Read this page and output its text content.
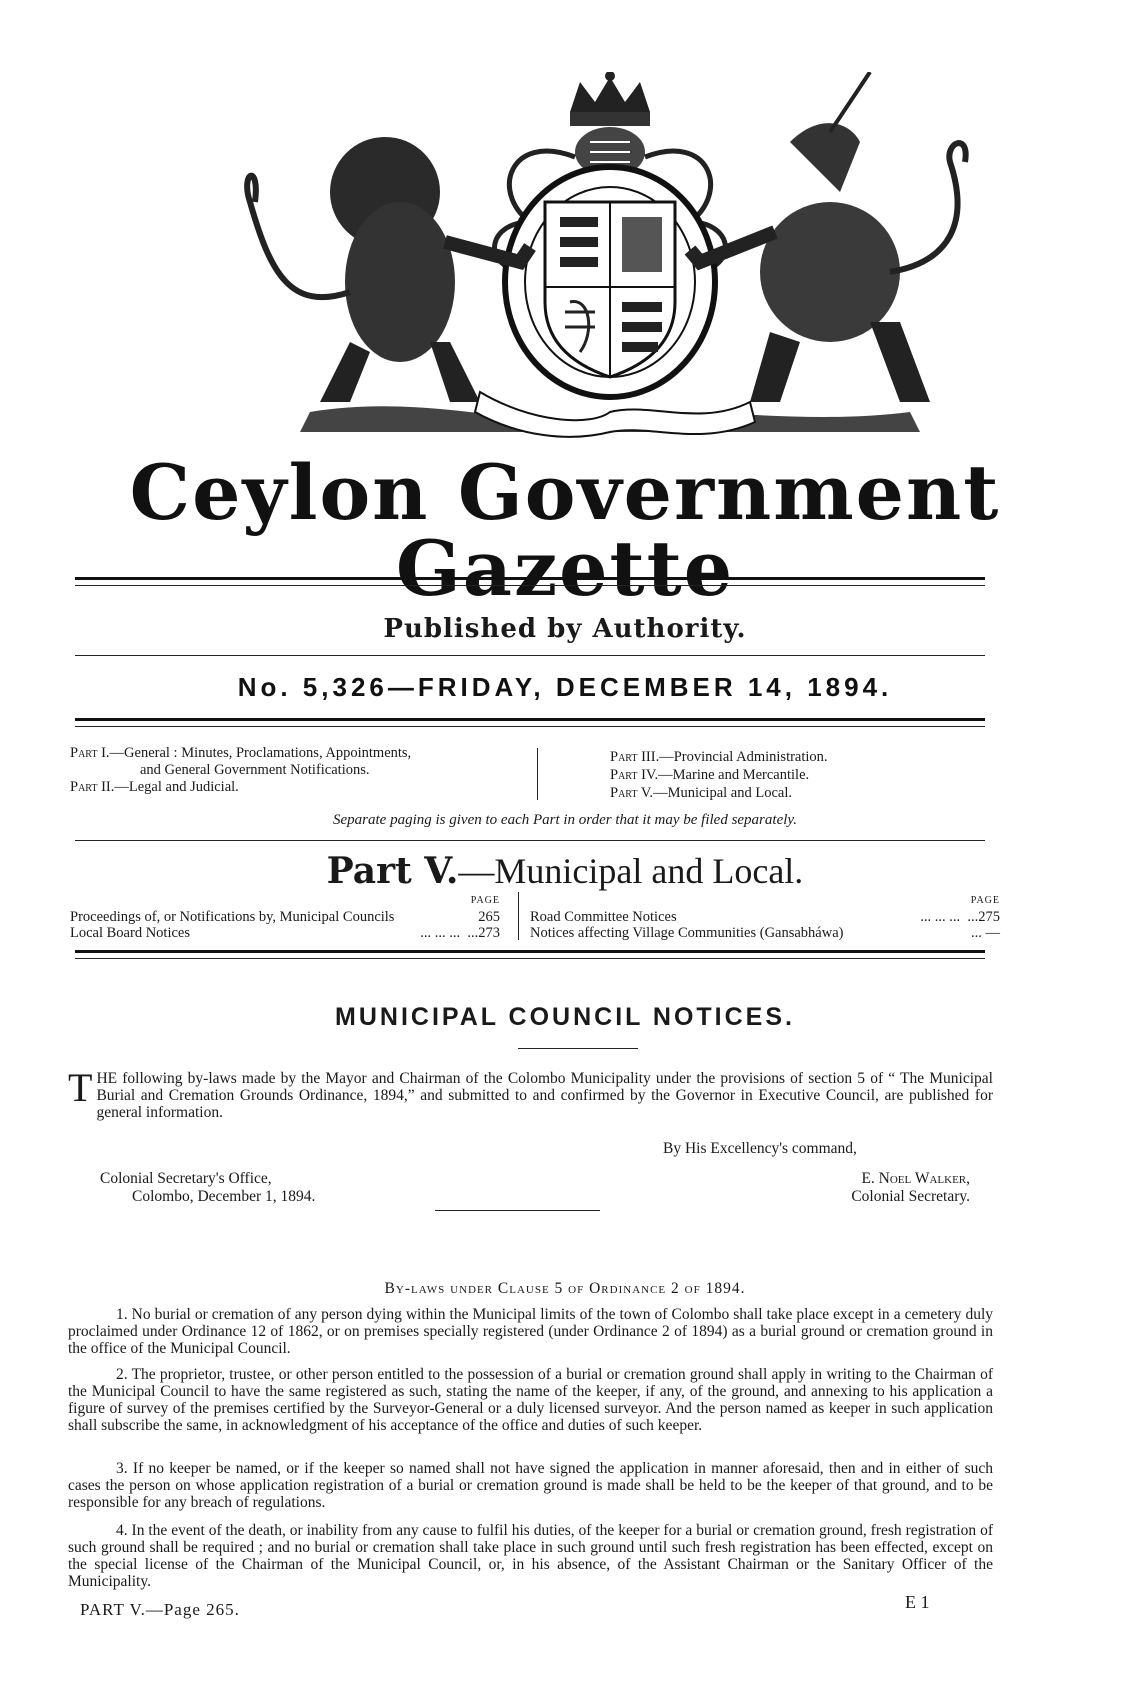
Ceylon Government Gazette
Published by Authority.
No. 5,326—FRIDAY, DECEMBER 14, 1894.
Part I.—General : Minutes, Proclamations, Appointments,
and General Government Notifications.
Part II.—Legal and Judicial.
Part III.—Provincial Administration.
Part IV.—Marine and Mercantile.
Part V.—Municipal and Local.
Separate paging is given to each Part in order that it may be filed separately.
Part V.—Municipal and Local.
PAGE
Proceedings of, or Notifications by, Municipal Councils	265
Local Board Notices	... ... ...  ...273
PAGE
Road Committee Notices	... ... ...  ...275
Notices affecting Village Communities (Gansabháwa)	... —
MUNICIPAL COUNCIL NOTICES.
THE following by-laws made by the Mayor and Chairman of the Colombo Municipality under the provisions of section 5 of “ The Municipal Burial and Cremation Grounds Ordinance, 1894,” and submitted to and confirmed by the Governor in Executive Council, are published for general information.
By His Excellency's command,
Colonial Secretary's Office,
Colombo, December 1, 1894.
E. Noel Walker,
Colonial Secretary.
By-laws under Clause 5 of Ordinance 2 of 1894.
1. No burial or cremation of any person dying within the Municipal limits of the town of Colombo shall take place except in a cemetery duly proclaimed under Ordinance 12 of 1862, or on premises specially registered (under Ordinance 2 of 1894) as a burial ground or cremation ground in the office of the Municipal Council.
2. The proprietor, trustee, or other person entitled to the possession of a burial or cremation ground shall apply in writing to the Chairman of the Municipal Council to have the same registered as such, stating the name of the keeper, if any, of the ground, and annexing to his application a figure of survey of the premises certified by the Surveyor-General or a duly licensed surveyor. And the person named as keeper in such application shall subscribe the same, in acknowledgment of his acceptance of the office and duties of such keeper.
3. If no keeper be named, or if the keeper so named shall not have signed the application in manner aforesaid, then and in either of such cases the person on whose application registration of a burial or cremation ground is made shall be held to be the keeper of that ground, and to be responsible for any breach of regulations.
4. In the event of the death, or inability from any cause to fulfil his duties, of the keeper for a burial or cremation ground, fresh registration of such ground shall be required ; and no burial or cremation shall take place in such ground until such fresh registration has been effected, except on the special license of the Chairman of the Municipal Council, or, in his absence, of the Assistant Chairman or the Sanitary Officer of the Municipality.
PART V.—Page 265.	E 1
